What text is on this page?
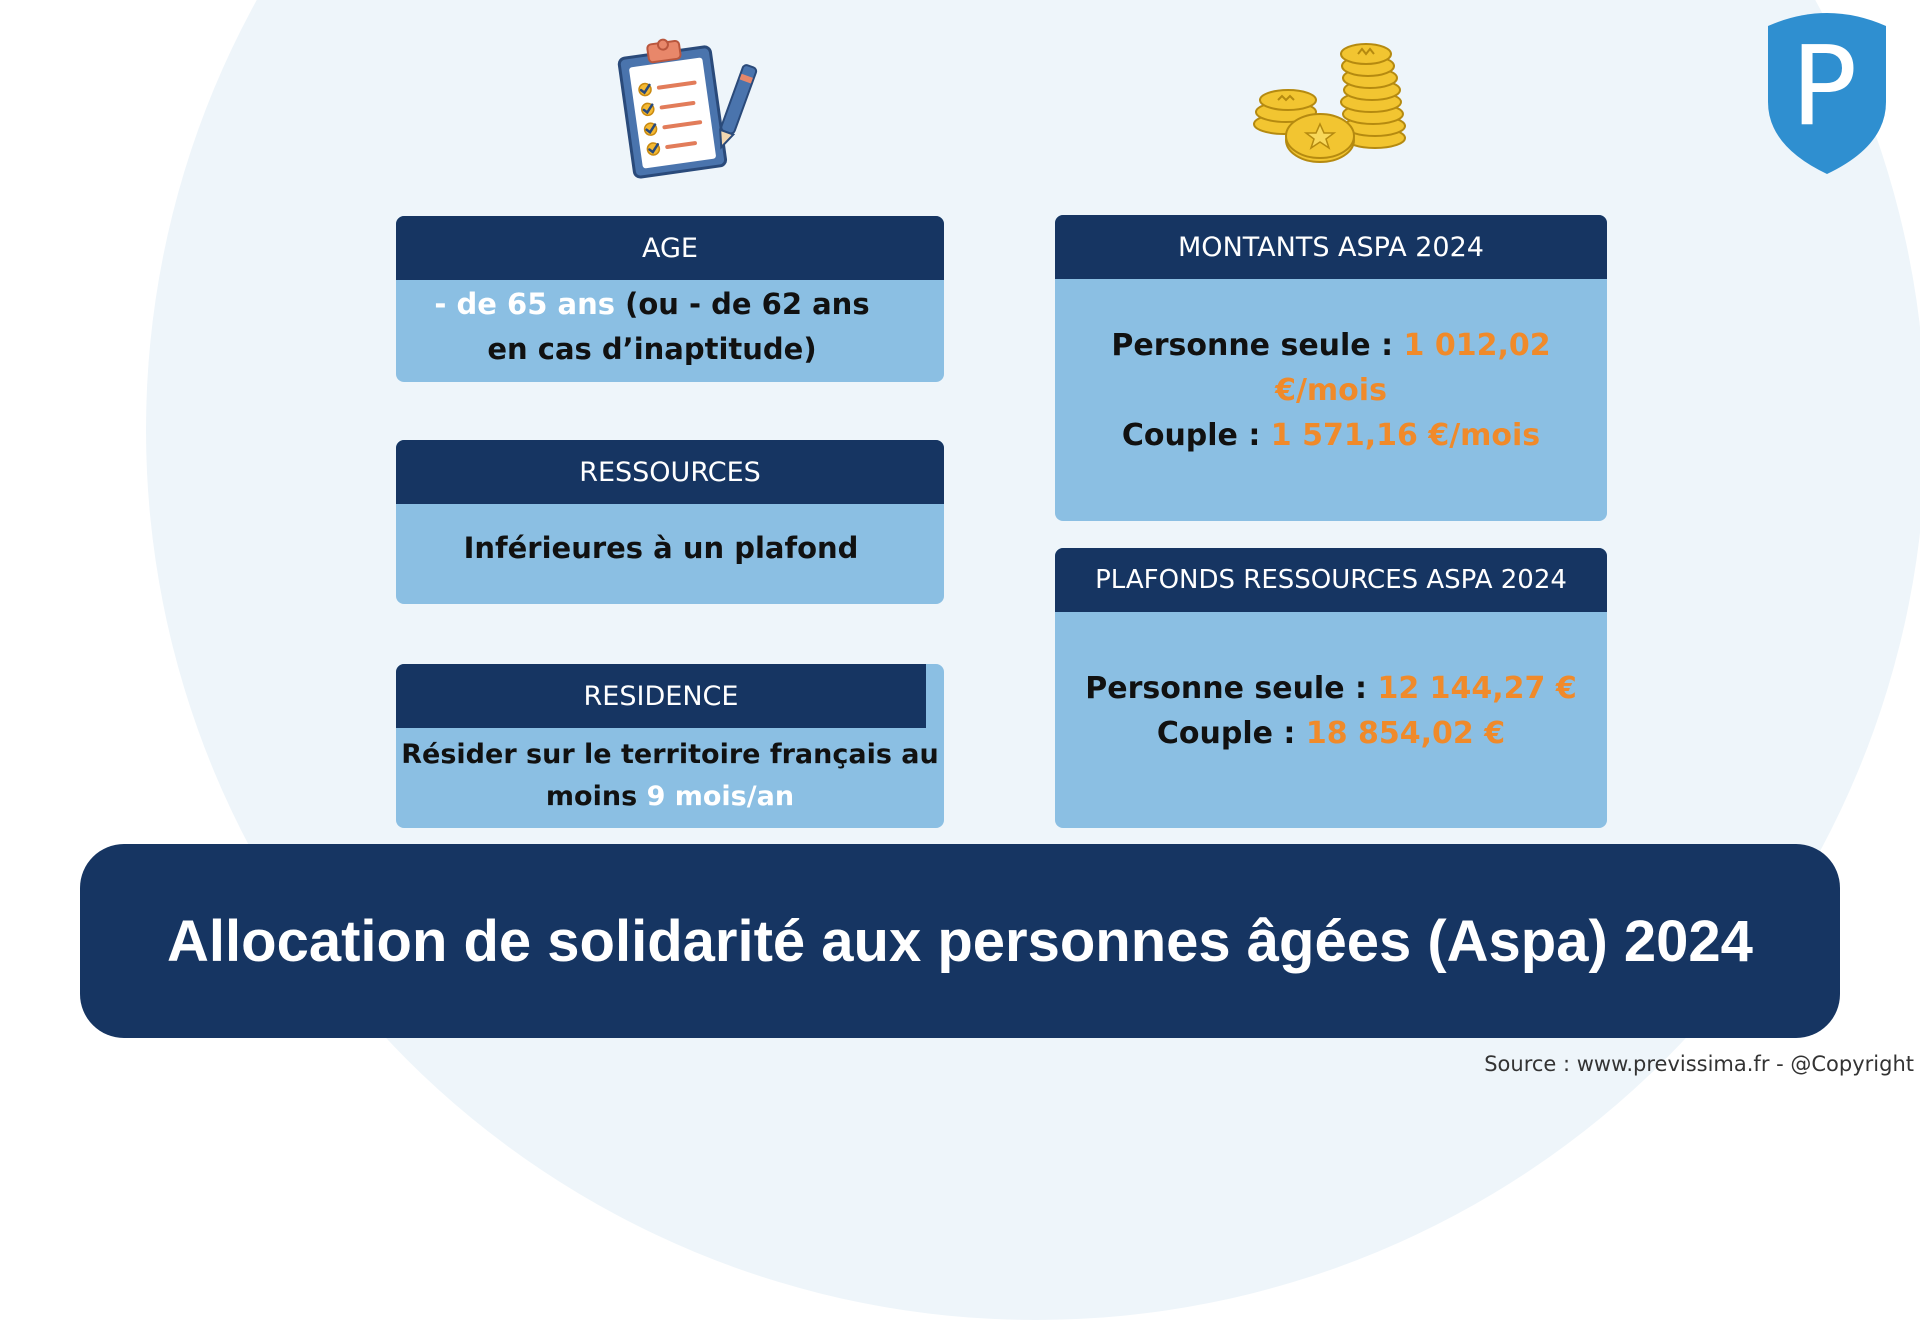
P
AGE
- de 65 ans (ou - de 62 ans
en cas d’inaptitude)
RESSOURCES
Inférieures à un plafond
RESIDENCE
Résider sur le territoire français au
moins 9 mois/an
MONTANTS ASPA 2024
Personne seule : 1 012,02 €/mois
Couple : 1 571,16 €/mois
PLAFONDS RESSOURCES ASPA 2024
Personne seule : 12 144,27 €
Couple : 18 854,02 €
Allocation de solidarité aux personnes âgées (Aspa) 2024
Source : www.previssima.fr - @Copyright
